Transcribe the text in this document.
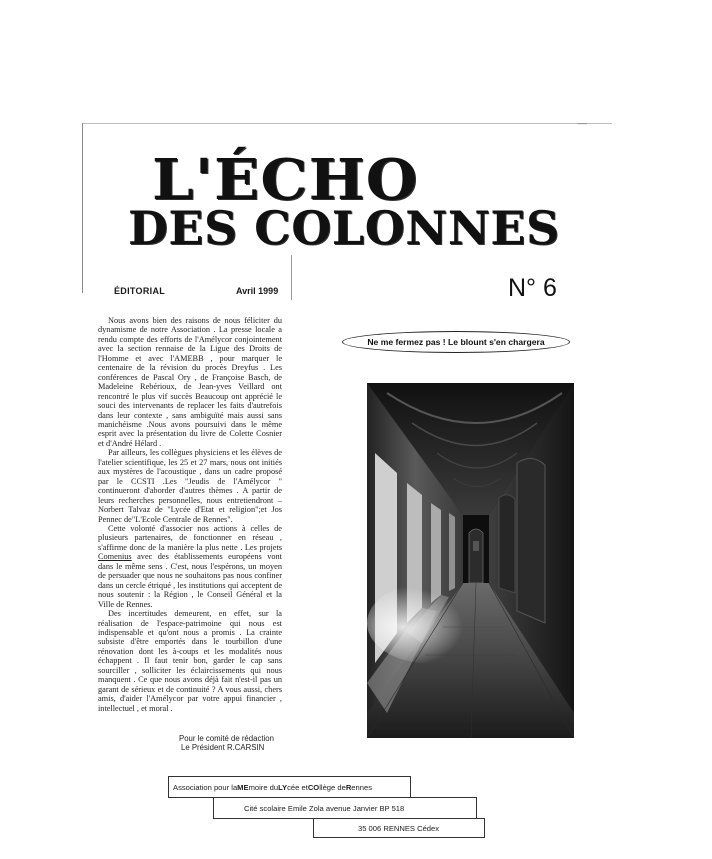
—
L'ÉCHO
DES COLONNES
ÉDITORIAL	Avril 1999	N° 6

Nous avons bien des raisons de nous féliciter du dynamisme de notre Association . La presse locale a rendu compte des efforts de l'Amélycor conjointement avec la section rennaise de la Ligue des Droits de l'Homme et avec l'AMEBB , pour marquer le centenaire de la révision du procès Dreyfus . Les conférences de Pascal Ory , de Françoise Basch, de Madeleine Rebérioux, de Jean-yves Veillard ont rencontré le plus vif succès Beaucoup ont apprécié le souci des intervenants de replacer les faits d'autrefois dans leur contexte , sans ambiguïté mais aussi sans manichéisme .Nous avons poursuivi dans le même esprit avec la présentation du livre de Colette Cosnier et d'André Hélard .

Par ailleurs, les collègues physiciens et les élèves de l'atelier scientifique, les 25 et 27 mars, nous ont initiés aux mystères de l'acoustique , dans un cadre proposé par le CCSTI .Les "Jeudis de l'Amélycor " continueront d'aborder d'autres thèmes . A partir de leurs recherches personnelles, nous entretiendront – Norbert Talvaz de "Lycée d'Etat et religion";et Jos Pennec de"L'Ecole Centrale de Rennes".

Cette volonté d'associer nos actions à celles de plusieurs partenaires, de fonctionner en réseau , s'affirme donc de la manière la plus nette . Les projets Comenius avec des établissements européens vont dans le même sens . C'est, nous l'espérons, un moyen de persuader que nous ne souhaitons pas nous confiner dans un cercle étriqué , les institutions qui acceptent de nous soutenir : la Région , le Conseil Général et la Ville de Rennes.

Des incertitudes demeurent, en effet, sur la réalisation de l'espace-patrimoine qui nous est indispensable et qu'ont nous a promis . La crainte subsiste d'être emportés dans le tourbillon d'une rénovation dont les à-coups et les modalités nous échappent . Il faut tenir bon, garder le cap sans sourciller , solliciter les éclaircissements qui nous manquent . Ce que nous avons déjà fait n'est-il pas un garant de sérieux et de continuité ? A vous aussi, chers amis, d'aider l'Amélycor par votre appui financier , intellectuel , et moral .

Pour le comité de rédaction
Le Président R.CARSIN
Ne me fermez pas ! Le blount s'en chargera
Association pour la ME moire du LY cée et CO llège de R ennes
Cité scolaire Emile Zola avenue Janvier BP 518
35 006 RENNES Cédex
